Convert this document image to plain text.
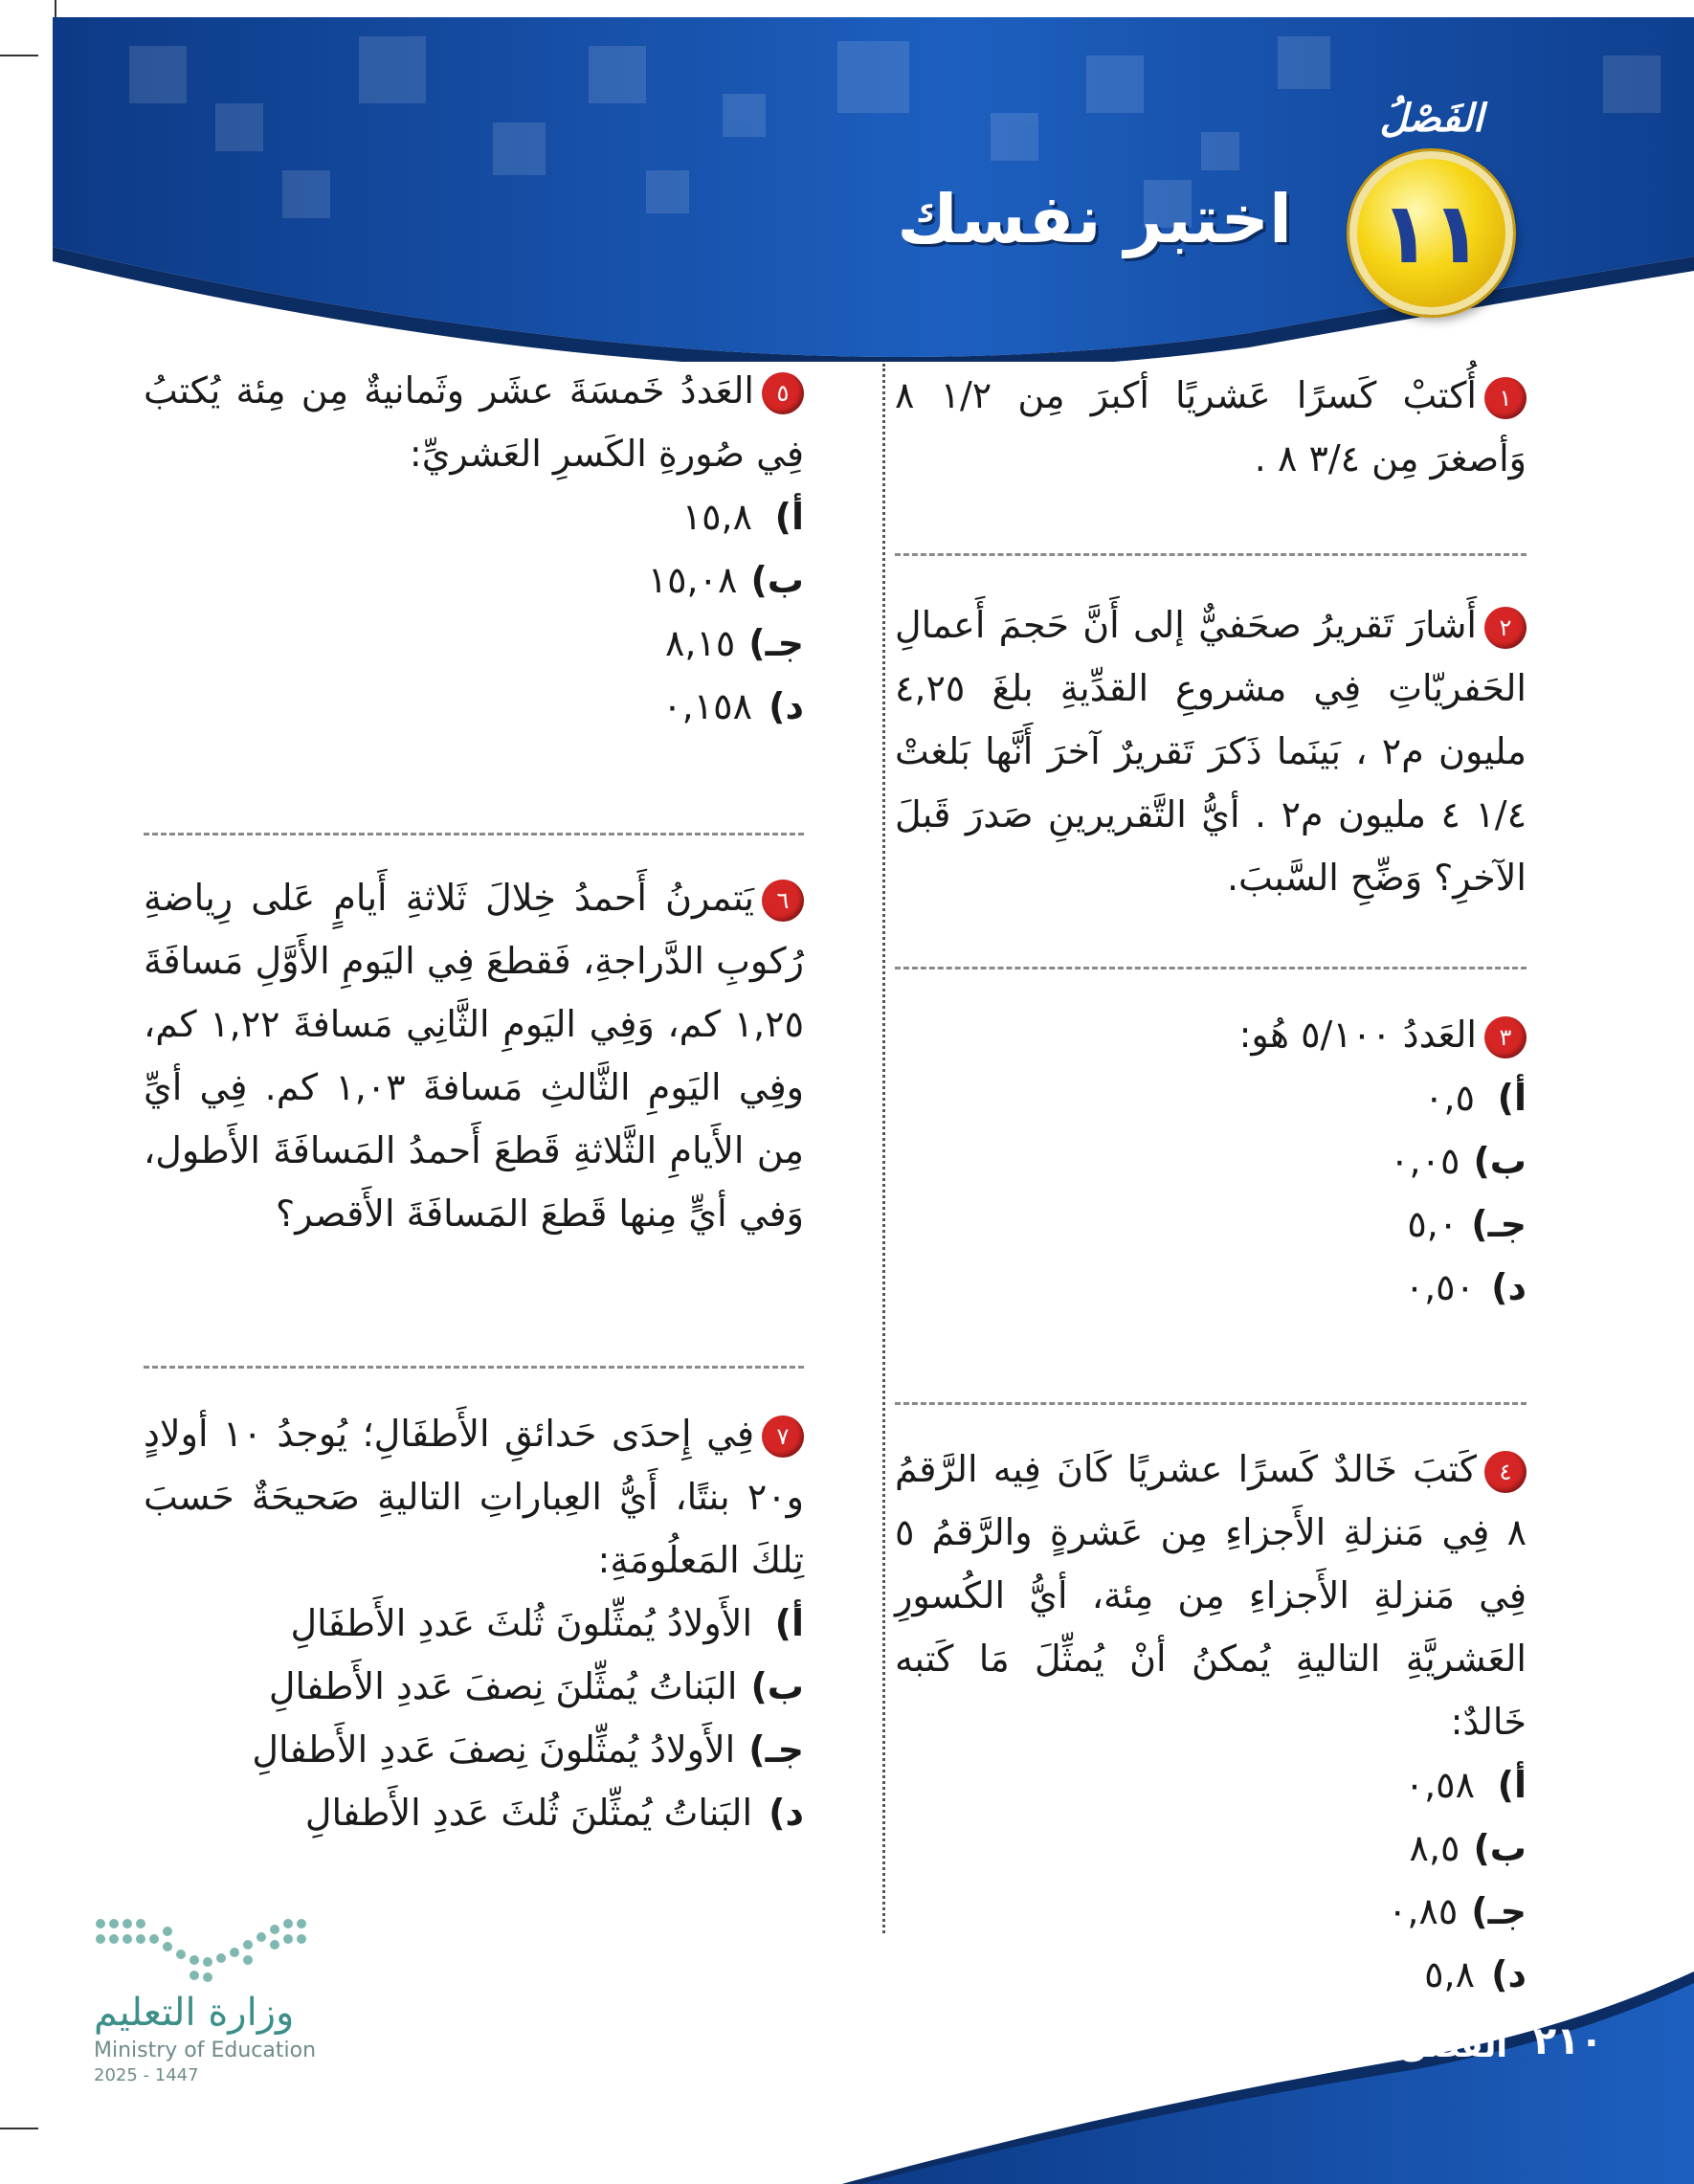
الفَصْلُ
١١
اختبر نفسك

١أُكتبْ كَسرًا عَشريًا أكبرَ مِن ١/٢ ٨ وَأصغرَ مِن ٣/٤ ٨ .

٢أَشارَ تَقريرُ صحَفيٌّ إلى أَنَّ حَجمَ أَعمالِ الحَفريّاتِ فِي مشروعِ القدِّيةِ بلغَ ٤,٢٥ مليون م٢ ، بَينَما ذَكرَ تَقريرٌ آخرَ أَنَّها بَلغتْ ١/٤ ٤ مليون م٢ . أيُّ التَّقريرينِ صَدرَ قَبلَ الآخرِ؟ وَضِّحِ السَّببَ.

٣العَددُ ٥/١٠٠ هُو:

أ)
٠,٥

ب)
٠,٠٥

جـ)
٥,٠

د)
٠,٥٠

٤كَتبَ خَالدٌ كَسرًا عشريًا كَانَ فِيه الرَّقمُ ٨ فِي مَنزلةِ الأَجزاءِ مِن عَشرةٍ والرَّقمُ ٥ فِي مَنزلةِ الأَجزاءِ مِن مِئة، أيُّ الكُسورِ العَشريَّةِ التاليةِ يُمكنُ أنْ يُمثِّلَ مَا كَتبه خَالدٌ:

أ)
٠,٥٨

ب)
٨,٥

جـ)
٠,٨٥

د)
٥,٨

٥العَددُ خَمسَةَ عشَر وثَمانيةٌ مِن مِئة يُكتبُ فِي صُورةِ الكَسرِ العَشريِّ:

أ)
١٥,٨

ب)
١٥,٠٨

جـ)
٨,١٥

د)
٠,١٥٨

٦يَتمرنُ أَحمدُ خِلالَ ثَلاثةِ أَيامٍ عَلى رِياضةِ رُكوبِ الدَّراجةِ، فَقطعَ فِي اليَومِ الأَوَّلِ مَسافَةَ ١,٢٥ كم، وَفِي اليَومِ الثَّانِي مَسافةَ ١,٢٢ كم، وفِي اليَومِ الثَّالثِ مَسافةَ ١,٠٣ كم. فِي أيِّ مِن الأَيامِ الثَّلاثةِ قَطعَ أَحمدُ المَسافَةَ الأَطول، وَفي أيٍّ مِنها قَطعَ المَسافَةَ الأَقصر؟

٧فِي إِحدَى حَدائقِ الأَطفَالِ؛ يُوجدُ ١٠ أولادٍ و٢٠ بنتًا، أَيُّ العِباراتِ التاليةِ صَحيحَةٌ حَسبَ تِلكَ المَعلُومَةِ:

أ)
الأَولادُ يُمثِّلونَ ثُلثَ عَددِ الأَطفَالِ

ب)
البَناتُ يُمثِّلنَ نِصفَ عَددِ الأَطفالِ

جـ)
الأَولادُ يُمثِّلونَ نِصفَ عَددِ الأَطفالِ

د)
البَناتُ يُمثِّلنَ ثُلثَ عَددِ الأَطفالِ

وزارة التعليم
Ministry of Education
2025 - 1447
الفصل الحادي عشر: الكسور العشرية ٢١٠
